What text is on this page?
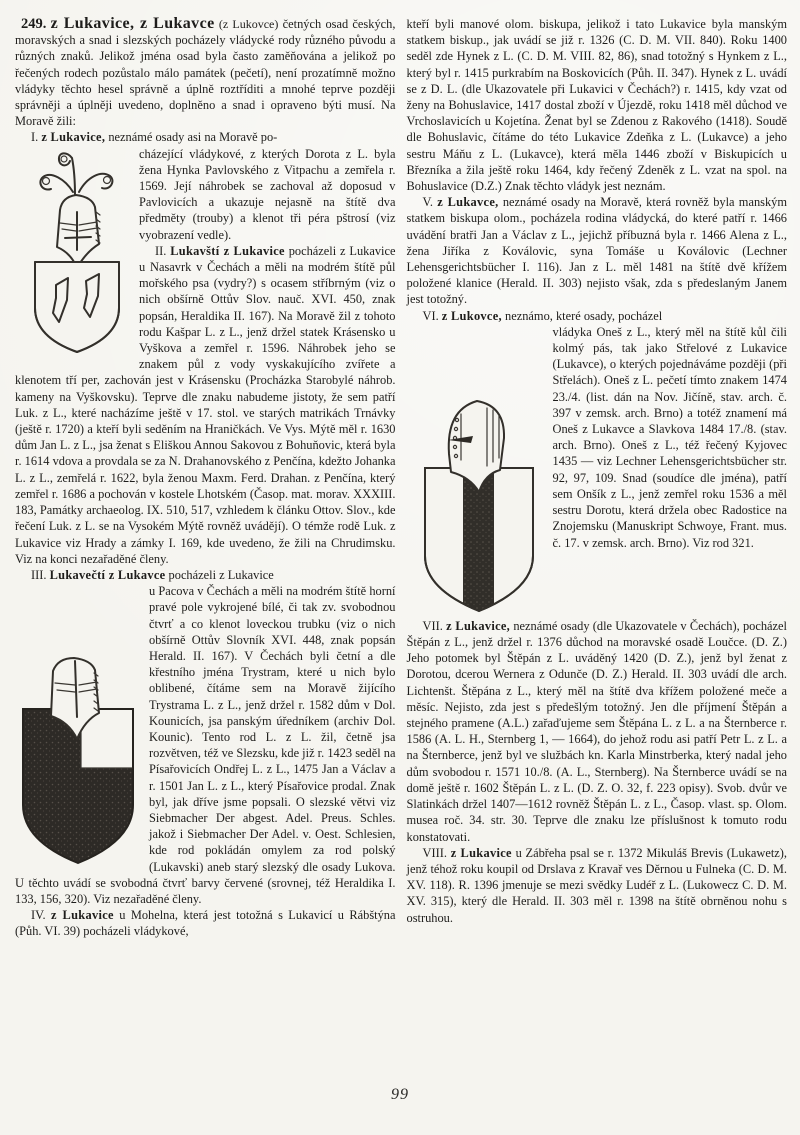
249. z Lukavice, z Lukavce (z Lukovce) četných osad českých, moravských a snad i slezských pocházely vládycké rody různého původu a různých znaků. Jelikož jména osad byla často zaměňována a jelikož po řečených rodech pozůstalo málo památek (pečetí), není prozatímně možno vládyky těchto hesel správně a úplně roztříditi a mnohé teprve později správněji a úplněji uvedeno, doplněno a snad i opraveno býti musí. Na Moravě žili:

I. z Lukavice, neznámé osady asi na Moravě po-

cházející vládykové, z kterých Dorota z L. byla žena Hynka Pavlovského z Vitpachu a zemřela r. 1569. Její náhrobek se zachoval až doposud v Pavlovicích a ukazuje nejasně na štítě dva předměty (trouby) a klenot tři péra pštrosí (viz vyobrazení vedle).

II. Lukavští z Lukavice pocházeli z Lukavice u Nasavrk v Čechách a měli na modrém štítě půl mořského psa (vydry?) s ocasem stříbrným (viz o nich obšírně Ottův Slov. nauč. XVI. 450, znak popsán, Heraldika II. 167). Na Moravě žil z tohoto rodu Kašpar L. z L., jenž držel statek Krásensko u Vyškova a zemřel r. 1596. Náhrobek jeho se znakem půl z vody vyskakujícího zvířete a klenotem tří per, zachován jest v Krásensku (Procházka Starobylé náhrob. kameny na Vyškovsku). Teprve dle znaku nabudeme jistoty, že sem patří Luk. z L., které nacházíme ještě v 17. stol. ve starých matrikách Trnávky (ještě r. 1720) a kteří byli seděním na Hraničkách. Ve Vys. Mýtě měl r. 1630 dům Jan L. z L., jsa ženat s Eliškou Annou Sakovou z Bohuňovic, která byla r. 1614 vdova a provdala se za N. Drahanovského z Penčína, kdežto Johanka L. z L., zemřelá r. 1622, byla ženou Maxm. Ferd. Drahan. z Penčína, který zemřel r. 1686 a pochován v kostele Lhotském (Časop. mat. morav. XXXIII. 183, Památky archaeolog. IX. 510, 517, vzhledem k článku Ottov. Slov., kde řečení Luk. z L. se na Vysokém Mýtě rovněž uvádějí). O témže rodě Luk. z Lukavice viz Hrady a zámky I. 169, kde uvedeno, že žili na Chrudimsku. Viz na konci nezařaděné členy.

III. Lukavečtí z Lukavce pocházeli z Lukavice

u Pacova v Čechách a měli na modrém štítě horní pravé pole vykrojené bílé, či tak zv. svobodnou čtvrť a co klenot loveckou trubku (viz o nich obšírně Ottův Slovník XVI. 448, znak popsán Herald. II. 167). V Čechách byli četní a dle křestního jména Trystram, které u nich bylo oblibené, čítáme sem na Moravě žijícího Trystrama L. z L., jenž držel r. 1582 dům v Dol. Kounicích, jsa panským úředníkem (archiv Dol. Kounic). Tento rod L. z L. žil, četně jsa rozvětven, též ve Slezsku, kde již r. 1423 seděl na Písařovicích Ondřej L. z L., 1475 Jan a Václav a r. 1501 Jan L. z L., který Písařovice prodal. Znak byl, jak dříve jsme popsali. O slezské větvi viz Siebmacher Der abgest. Adel. Preus. Schles. jakož i Siebmacher Der Adel. v. Oest. Schlesien, kde rod pokládán omylem za rod polský (Lukavski) aneb starý slezský dle osady Lukova. U těchto uvádí se svobodná čtvrť barvy červené (srovnej, též Heraldika I. 133, 156, 320). Viz nezařaděné členy.

IV. z Lukavice u Mohelna, která jest totožná s Lukavicí u Rábštýna (Půh. VI. 39) pocházeli vládykové,

kteří byli manové olom. biskupa, jelikož i tato Lukavice byla manským statkem biskup., jak uvádí se již r. 1326 (C. D. M. VII. 840). Roku 1400 seděl zde Hynek z L. (C. D. M. VIII. 82, 86), snad totožný s Hynkem z L., který byl r. 1415 purkrabím na Boskovicích (Půh. II. 347). Hynek z L. uvádí se z D. L. (dle Ukazovatele při Lukavici v Čechách?) r. 1415, kdy vzat od ženy na Bohuslavice, 1417 dostal zboží v Újezdě, roku 1418 měl důchod ve Vrchoslavicích u Kojetína. Ženat byl se Zdenou z Rakového (1418). Soudě dle Bohuslavic, čítáme do této Lukavice Zdeňka z L. (Lukavce) a jeho sestru Máňu z L. (Lukavce), která měla 1446 zboží v Biskupicích u Březníka a žila ještě roku 1464, kdy řečený Zdeněk z L. vzat na spol. na Bohuslavice (D.Z.) Znak těchto vládyk jest neznám.

V. z Lukavce, neznámé osady na Moravě, která rovněž byla manským statkem biskupa olom., pocházela rodina vládycká, do které patří r. 1466 uvádění bratři Jan a Václav z L., jejichž příbuzná byla r. 1466 Alena z L., žena Jiříka z Koválovic, syna Tomáše u Koválovic (Lechner Lehensgerichtsbücher I. 116). Jan z L. měl 1481 na štítě dvě křížem položené klanice (Herald. II. 303) nejisto však, zda s předeslaným Janem jest totožný.

VI. z Lukovce, neznámo, které osady, pocházel

vládyka Oneš z L., který měl na štítě kůl čili kolmý pás, tak jako Střelové z Lukavice (Lukavce), o kterých pojednáváme později (při Střelách). Oneš z L. pečetí tímto znakem 1474 23./4. (list. dán na Nov. Jičíně, stav. arch. č. 397 v zemsk. arch. Brno) a totéž znamení má Oneš z Lukavce a Slavkova 1484 17./8. (stav. arch. Brno). Oneš z L., též řečený Kyjovec 1435 — viz Lechner Lehensgerichtsbücher str. 92, 97, 109. Snad (soudíce dle jména), patří sem Onšík z L., jenž zemřel roku 1536 a měl sestru Dorotu, která držela obec Radostice na Znojemsku (Manuskript Schwoye, Frant. mus. č. 17. v zemsk. arch. Brno). Viz rod 321.

VII. z Lukavice, neznámé osady (dle Ukazovatele v Čechách), pocházel Štěpán z L., jenž držel r. 1376 důchod na moravské osadě Loučce. (D. Z.) Jeho potomek byl Štěpán z L. uváděný 1420 (D. Z.), jenž byl ženat z Dorotou, dcerou Wernera z Odunče (D. Z.) Herald. II. 303 uvádí dle arch. Lichtenšt. Štěpána z L., který měl na štítě dva křížem položené meče a měsíc. Nejisto, zda jest s předešlým totožný. Jen dle příjmení Štěpán a stejného pramene (A.L.) zařaďujeme sem Štěpána L. z L. a na Šternberce r. 1586 (A. L. H., Sternberg 1, — 1664), do jehož rodu asi patří Petr L. z L. a na Šternberce, jenž byl ve službách kn. Karla Minstrberka, který nadal jeho dům svobodou r. 1571 10./8. (A. L., Sternberg). Na Šternberce uvádí se na domě ještě r. 1602 Štěpán L. z L. (D. Z. O. 32, f. 223 opisy). Svob. dvůr ve Slatinkách držel 1407—1612 rovněž Štěpán L. z L., Časop. vlast. sp. Olom. musea roč. 34. str. 30. Teprve dle znaku lze příslušnost k tomuto rodu konstatovati.

VIII. z Lukavice u Zábřeha psal se r. 1372 Mikuláš Brevis (Lukawetz), jenž téhož roku koupil od Drslava z Kravař ves Děrnou u Fulneka (C. D. M. XV. 118). R. 1396 jmenuje se mezi svědky Ludéř z L. (Lukowecz C. D. M. XV. 315), který dle Herald. II. 303 měl r. 1398 na štítě obrněnou nohu s ostruhou.

99
